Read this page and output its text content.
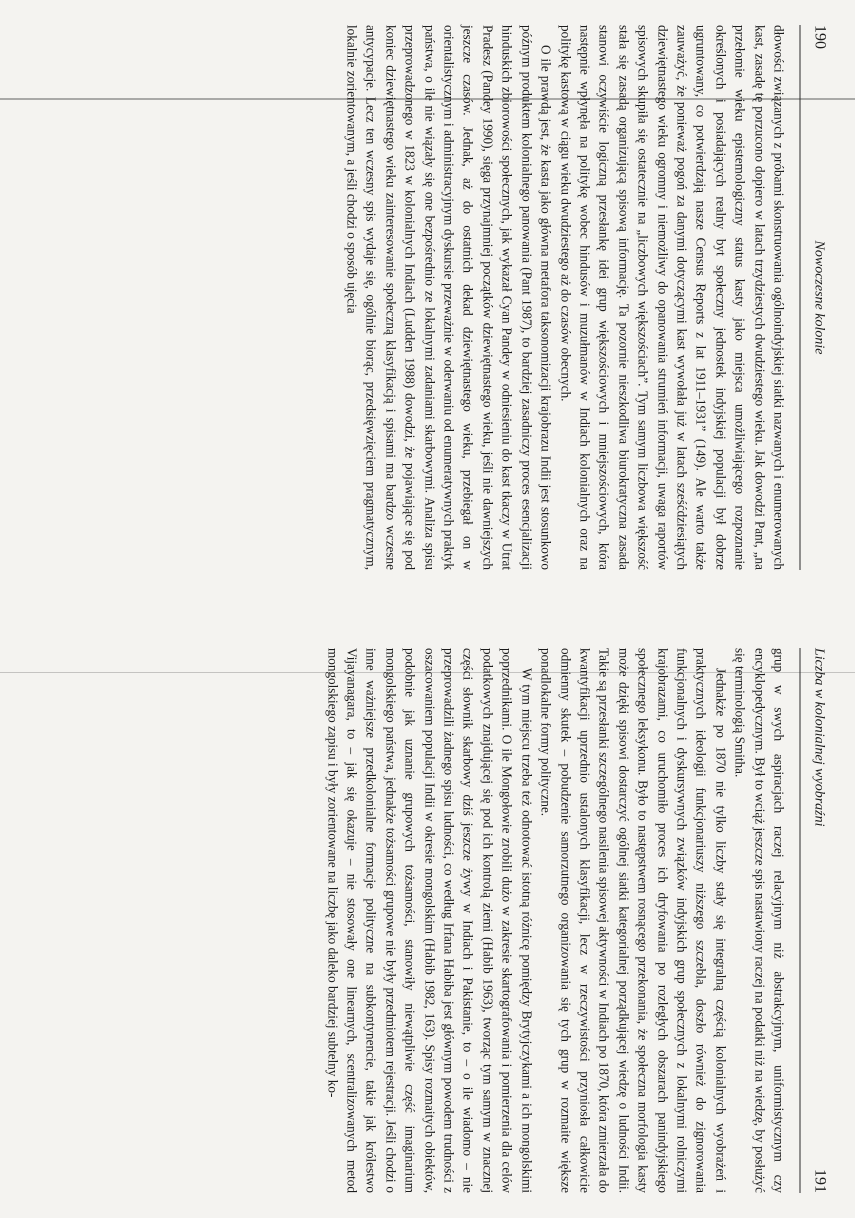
190
Nowoczesne kolonie

dłowości związanych z próbami skonstruowania ogólnoindyjskiej siatki nazwanych i enumerowanych kast, zasadę tę porzucono dopiero w latach trzydziestych dwudziestego wieku. Jak dowodzi Pant, „na przełomie wieku epistemologiczny status kasty jako miejsca umożliwiającego rozpoznanie określonych i posiadających realny byt społeczny jednostek indyjskiej populacji był dobrze ugruntowany, co potwierdzają nasze Census Reports z lat 1911–1931” (149). Ale warto także zauważyć, że ponieważ pogoń za danymi dotyczącymi kast wywołała już w latach sześćdziesiątych dziewiętnastego wieku ogromny i niemożliwy do opanowania strumień informacji, uwaga raportów spisowych skupiła się ostatecznie na „liczbowych większościach”. Tym samym liczbowa większość stała się zasadą organizującą spisową informację. Ta pozornie nieszkodliwa biurokratyczna zasada stanowi oczywiście logiczną przesłankę idei grup większościowych i mniejszościowych, która następnie wpłynęła na politykę wobec hindusów i muzułmanów w Indiach kolonialnych oraz na politykę kastową w ciągu wieku dwudziestego aż do czasów obecnych.

O ile prawdą jest, że kasta jako główna metafora taksonomizacji krajobrazu Indii jest stosunkowo późnym produktem kolonialnego panowania (Pant 1987), to bardziej zasadniczy proces esencjalizacji hinduskich zbiorowości społecznych, jak wykazał Cyan Pandey w odniesieniu do kast tkaczy w Utrat Pradesz (Pandey 1990), sięga przynajmniej początków dziewiętnastego wieku, jeśli nie dawniejszych jeszcze czasów. Jednak, aż do ostatnich dekad dziewiętnastego wieku, przebiegał on w orientalistycznym i administracyjnym dyskursie przeważnie w oderwaniu od enumeratywnych praktyk państwa, o ile nie wiązały się one bezpośrednio ze lokalnymi zadaniami skarbowymi. Analiza spisu przeprowadzonego w 1823 w kolonialnych Indiach (Ludden 1988) dowodzi, że pojawiające się pod koniec dziewiętnastego wieku zainteresowanie społeczną klasyfikacją i spisami ma bardzo wczesne antycypacje. Lecz ten wczesny spis wydaje się, ogólnie biorąc, przedsięwzięciem pragmatycznym, lokalnie zorientowanym, a jeśli chodzi o sposób ujęcia

Liczba w kolonialnej wyobraźni
191

grup w swych aspiracjach raczej relacyjnym niż abstrakcyjnym, uniformistycznym czy encyklopedycznym. Był to wciąż jeszcze spis nastawiony raczej na podatki niż na wiedzę, by posłużyć się terminologią Smitha.

Jednakże po 1870 nie tylko liczby stały się integralną częścią kolonialnych wyobrażeń i praktycznych ideologii funkcjonariuszy niższego szczebla, doszło również do zignorowania funkcjonalnych i dyskursywnych związków indyjskich grup społecznych z lokalnymi rolniczymi krajobrazami, co uruchomiło proces ich dryfowania po rozległych obszarach panindyjskiego społecznego leksykonu. Było to następstwem rosnącego przekonania, że społeczna morfologia kasty może dzięki spisowi dostarczyć ogólnej siatki kategorialnej porządkującej wiedzę o ludności Indii. Takie są przesłanki szczególnego nasilenia spisowej aktywności w Indiach po 1870, która zmierzała do kwantyfikacji uprzednio ustalonych klasyfikacji, lecz w rzeczywistości przyniosła całkowicie odmienny skutek – pobudzenie samorzutnego organizowania się tych grup w rozmaite większe ponadlokalne formy polityczne.

W tym miejscu trzeba też odnotować istotną różnicę pomiędzy Brytyjczykami a ich mongolskimi poprzednikami. O ile Mongołowie zrobili dużo w zakresie skartografowania i pomierzenia dla celów podatkowych znajdującej się pod ich kontrolą ziemi (Habib 1963), tworząc tym samym w znacznej części słownik skarbowy dziś jeszcze żywy w Indiach i Pakistanie, to – o ile wiadomo – nie przeprowadzili żadnego spisu ludności, co według Irfana Habiba jest głównym powodem trudności z oszacowaniem populacji Indii w okresie mongolskim (Habib 1982, 163). Spisy rozmaitych obiektów, podobnie jak uznanie grupowych tożsamości, stanowiły niewątpliwie część imaginarium mongolskiego państwa, jednakże tożsamości grupowe nie były przedmiotem rejestracji. Jeśli chodzi o inne ważniejsze przedkolonialne formacje polityczne na subkontynencie, takie jak królestwo Vijayanagara, to – jak się okazuje – nie stosowały one linearnych, scentralizowanych metod mongolskiego zapisu i były zorientowane na liczbę jako daleko bardziej subtelny ko-
